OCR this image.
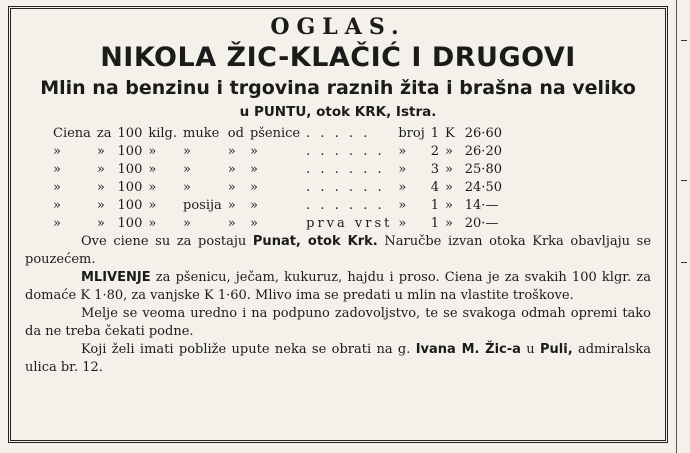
OGLAS.

NIKOLA ŽIC-KLAČIĆ I DRUGOVI

Mlin na benzinu i trgovina raznih žita i brašna na veliko

u PUNTU, otok KRK, Istra.

Ciena	za	100	kilg.	muke	od	pšenice	. . . . .	broj	1	K	26·60
»	»	100	»	»	»	»	. . . . . .	»	2	»	26·20
»	»	100	»	»	»	»	. . . . . .	»	3	»	25·80
»	»	100	»	»	»	»	. . . . . .	»	4	»	24·50
»	»	100	»	posija	»	»	. . . . . .	»	1	»	14·—
»	»	100	»	»	»	»	prva vrst	»	1	»	20·—

Ove ciene su za postaju Punat, otok Krk. Naručbe izvan otoka Krka obavljaju se pouzećem.

MLIVENJE za pšenicu, ječam, kukuruz, hajdu i proso. Ciena je za svakih 100 klgr. za domaće K 1·80, za vanjske K 1·60. Mlivo ima se predati u mlin na vlastite troškove.

Melje se veoma uredno i na podpuno zadovoljstvo, te se svakoga odmah opremi tako da ne treba čekati podne.

Koji želi imati pobliže upute neka se obrati na g. Ivana M. Žic-a u Puli, admiralska ulica br. 12.
